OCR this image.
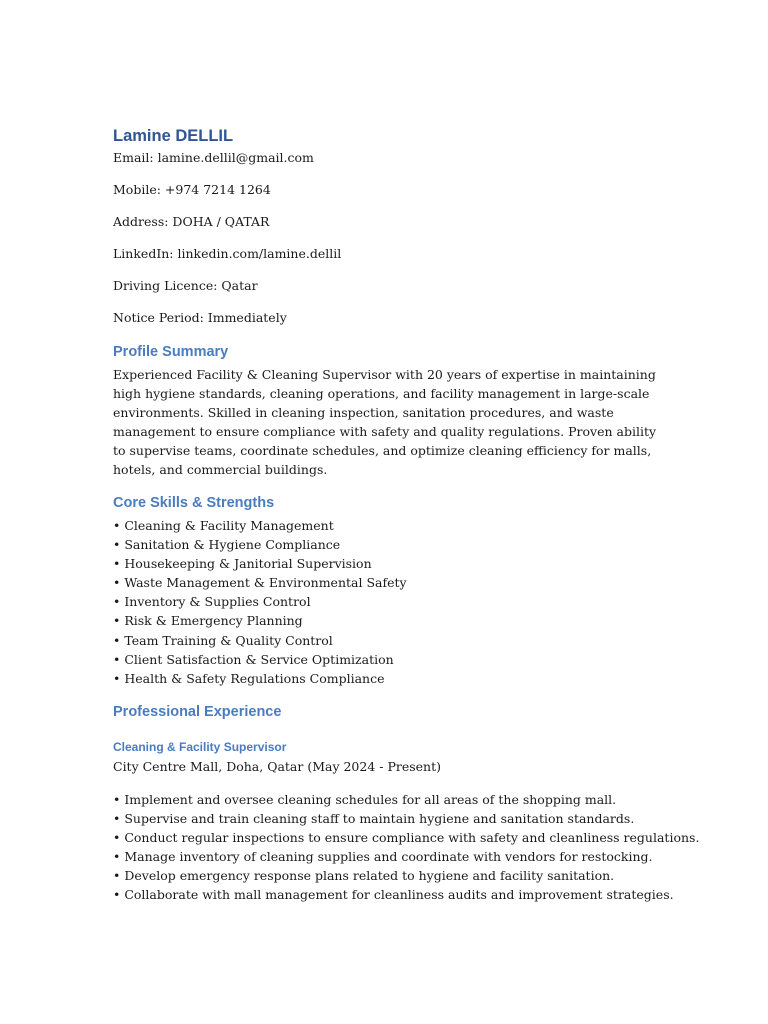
Lamine DELLIL

Email: lamine.dellil@gmail.com

Mobile: +974 7214 1264

Address: DOHA / QATAR

LinkedIn: linkedin.com/lamine.dellil

Driving Licence: Qatar

Notice Period: Immediately

Profile Summary

Experienced Facility & Cleaning Supervisor with 20 years of expertise in maintaining high hygiene standards, cleaning operations, and facility management in large-scale environments. Skilled in cleaning inspection, sanitation procedures, and waste management to ensure compliance with safety and quality regulations. Proven ability to supervise teams, coordinate schedules, and optimize cleaning efficiency for malls, hotels, and commercial buildings.

Core Skills & Strengths
• Cleaning & Facility Management
• Sanitation & Hygiene Compliance
• Housekeeping & Janitorial Supervision
• Waste Management & Environmental Safety
• Inventory & Supplies Control
• Risk & Emergency Planning
• Team Training & Quality Control
• Client Satisfaction & Service Optimization
• Health & Safety Regulations Compliance
Professional Experience
Cleaning & Facility Supervisor

City Centre Mall, Doha, Qatar (May 2024 - Present)

• Implement and oversee cleaning schedules for all areas of the shopping mall.
• Supervise and train cleaning staff to maintain hygiene and sanitation standards.
• Conduct regular inspections to ensure compliance with safety and cleanliness regulations.
• Manage inventory of cleaning supplies and coordinate with vendors for restocking.
• Develop emergency response plans related to hygiene and facility sanitation.
• Collaborate with mall management for cleanliness audits and improvement strategies.
